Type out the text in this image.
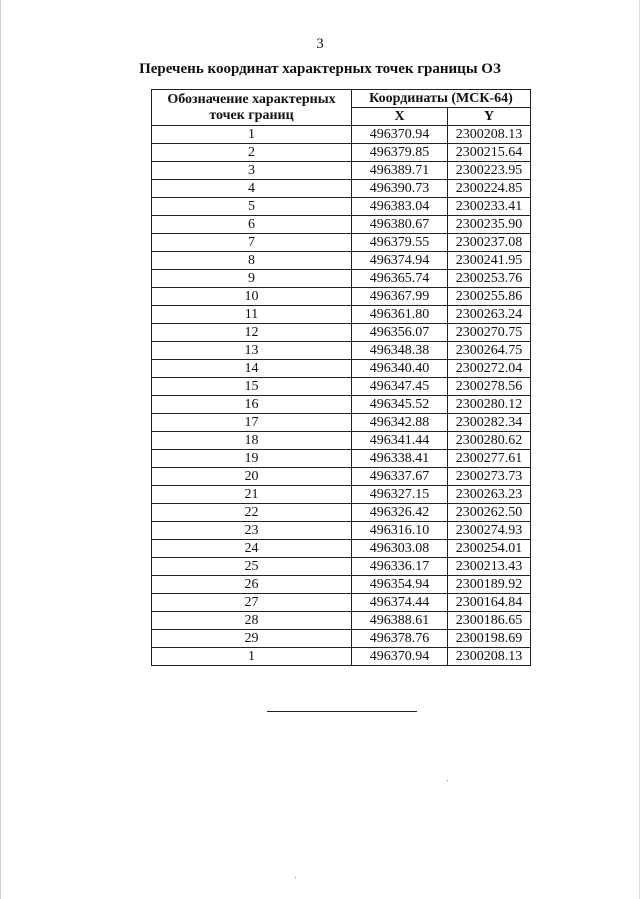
3
Перечень координат характерных точек границы ОЗ
Обозначение характерных точек границ	Координаты (МСК-64)	
	X	Y
1	496370.94	2300208.13
2	496379.85	2300215.64
3	496389.71	2300223.95
4	496390.73	2300224.85
5	496383.04	2300233.41
6	496380.67	2300235.90
7	496379.55	2300237.08
8	496374.94	2300241.95
9	496365.74	2300253.76
10	496367.99	2300255.86
11	496361.80	2300263.24
12	496356.07	2300270.75
13	496348.38	2300264.75
14	496340.40	2300272.04
15	496347.45	2300278.56
16	496345.52	2300280.12
17	496342.88	2300282.34
18	496341.44	2300280.62
19	496338.41	2300277.61
20	496337.67	2300273.73
21	496327.15	2300263.23
22	496326.42	2300262.50
23	496316.10	2300274.93
24	496303.08	2300254.01
25	496336.17	2300213.43
26	496354.94	2300189.92
27	496374.44	2300164.84
28	496388.61	2300186.65
29	496378.76	2300198.69
1	496370.94	2300208.13
